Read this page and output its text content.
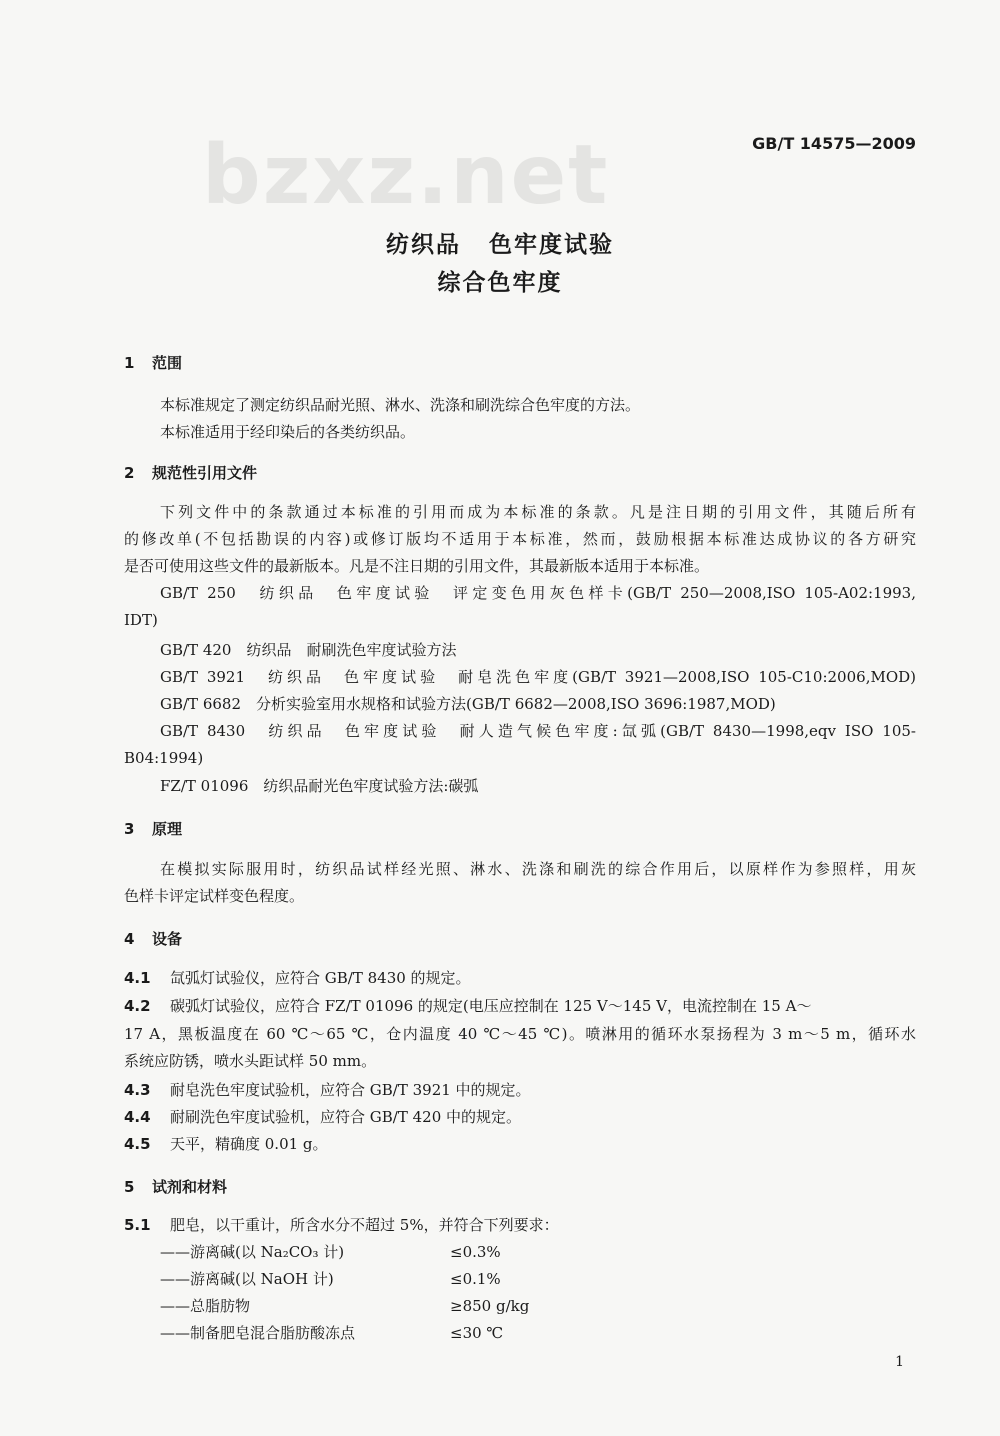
bzxz.net	GB/T 14575—2009
纺织品 色牢度试验
综合色牢度
1 范围
本标准规定了测定纺织品耐光照、淋水、洗涤和刷洗综合色牢度的方法。
本标准适用于经印染后的各类纺织品。
2 规范性引用文件
下列文件中的条款通过本标准的引用而成为本标准的条款。凡是注日期的引用文件，其随后所有
的修改单(不包括勘误的内容)或修订版均不适用于本标准，然而，鼓励根据本标准达成协议的各方研究
是否可使用这些文件的最新版本。凡是不注日期的引用文件，其最新版本适用于本标准。
GB/T 250　纺织品　色牢度试验　评定变色用灰色样卡(GB/T 250—2008,ISO 105-A02:1993,
IDT)
GB/T 420　纺织品　耐刷洗色牢度试验方法
GB/T 3921　纺织品　色牢度试验　耐皂洗色牢度(GB/T 3921—2008,ISO 105-C10:2006,MOD)
GB/T 6682　分析实验室用水规格和试验方法(GB/T 6682—2008,ISO 3696:1987,MOD)
GB/T 8430　纺织品　色牢度试验　耐人造气候色牢度:氙弧(GB/T 8430—1998,eqv ISO 105-
B04:1994)
FZ/T 01096　纺织品耐光色牢度试验方法:碳弧
3 原理
在模拟实际服用时，纺织品试样经光照、淋水、洗涤和刷洗的综合作用后，以原样作为参照样，用灰
色样卡评定试样变色程度。
4 设备
4.1 氙弧灯试验仪，应符合 GB/T 8430 的规定。
4.2 碳弧灯试验仪，应符合 FZ/T 01096 的规定(电压应控制在 125 V～145 V，电流控制在 15 A～
17 A，黑板温度在 60 ℃～65 ℃，仓内温度 40 ℃～45 ℃)。喷淋用的循环水泵扬程为 3 m～5 m，循环水
系统应防锈，喷水头距试样 50 mm。
4.3 耐皂洗色牢度试验机，应符合 GB/T 3921 中的规定。
4.4 耐刷洗色牢度试验机，应符合 GB/T 420 中的规定。
4.5 天平，精确度 0.01 g。
5 试剂和材料
5.1 肥皂，以干重计，所含水分不超过 5%，并符合下列要求：
——游离碱(以 Na₂CO₃ 计)	≤0.3%
——游离碱(以 NaOH 计)	≤0.1%
——总脂肪物	≥850 g/kg
——制备肥皂混合脂肪酸冻点	≤30 ℃
1
